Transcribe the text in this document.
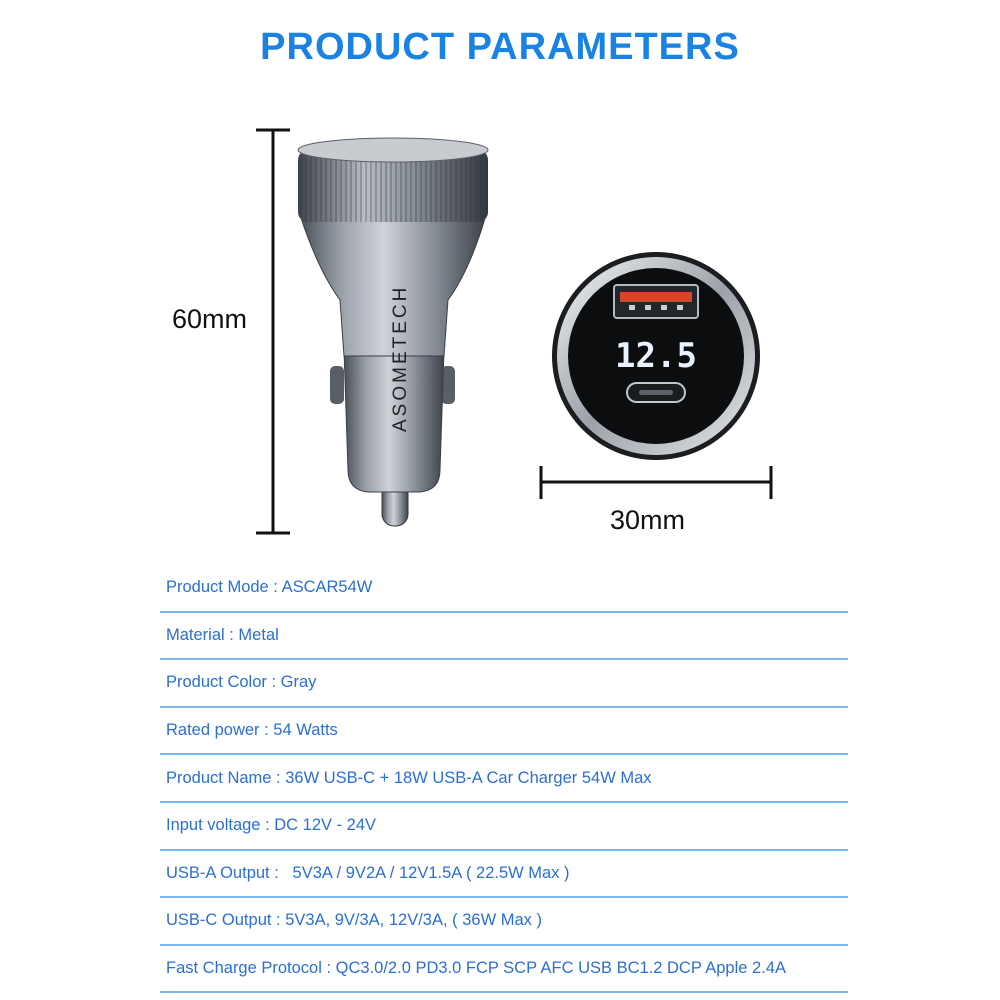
PRODUCT PARAMETERS
ASOMETECH	12.5
60mm
30mm
Product Mode : ASCAR54W
Material : Metal
Product Color : Gray
Rated power : 54 Watts
Product Name : 36W USB-C + 18W USB-A Car Charger 54W Max
Input voltage : DC 12V - 24V
USB-A Output :   5V3A / 9V2A / 12V1.5A ( 22.5W Max )
USB-C Output : 5V3A, 9V/3A, 12V/3A, ( 36W Max )
Fast Charge Protocol : QC3.0/2.0 PD3.0 FCP SCP AFC USB BC1.2 DCP Apple 2.4A
